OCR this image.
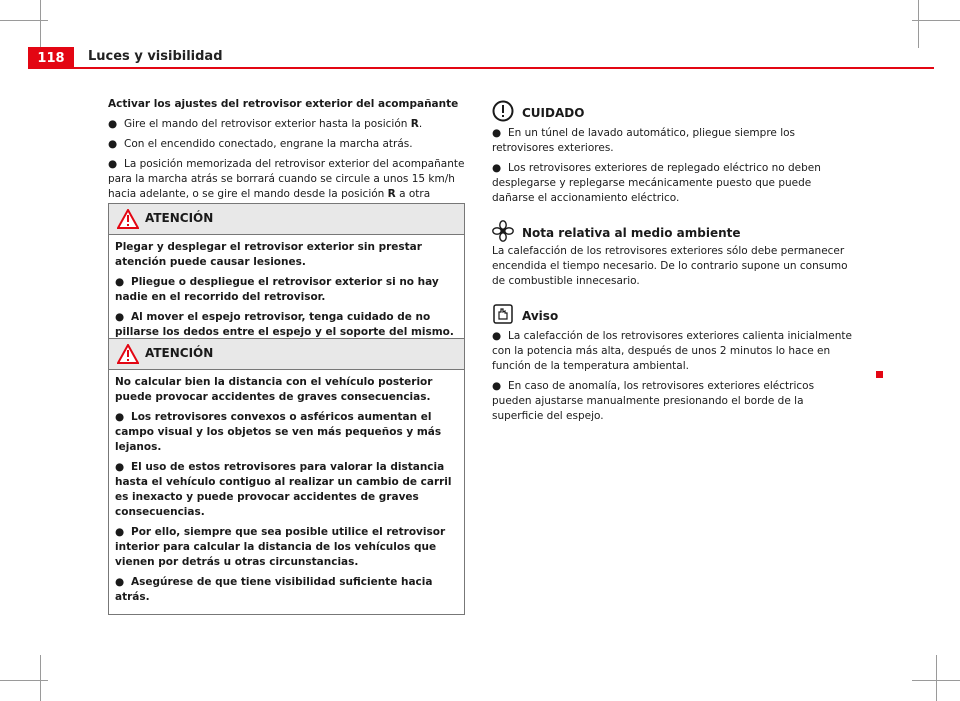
118	Luces y visibilidad

Activar los ajustes del retrovisor exterior del acompañante

● Gire el mando del retrovisor exterior hasta la posición R.

● Con el encendido conectado, engrane la marcha atrás.

● La posición memorizada del retrovisor exterior del acompañante para la marcha atrás se borrará cuando se circule a unos 15 km/h hacia adelante, o se gire el mando desde la posición R a otra

ATENCIÓN

Plegar y desplegar el retrovisor exterior sin prestar atención puede causar lesiones.

● Pliegue o despliegue el retrovisor exterior si no hay nadie en el recorrido del retrovisor.

● Al mover el espejo retrovisor, tenga cuidado de no pillarse los dedos entre el espejo y el soporte del mismo.

ATENCIÓN

No calcular bien la distancia con el vehículo posterior puede provocar accidentes de graves consecuencias.

● Los retrovisores convexos o asféricos aumentan el campo visual y los objetos se ven más pequeños y más lejanos.

● El uso de estos retrovisores para valorar la distancia hasta el vehículo contiguo al realizar un cambio de carril es inexacto y puede provocar accidentes de graves consecuencias.

● Por ello, siempre que sea posible utilice el retrovisor interior para calcular la distancia de los vehículos que vienen por detrás u otras circunstancias.

● Asegúrese de que tiene visibilidad suficiente hacia atrás.

CUIDADO

● En un túnel de lavado automático, pliegue siempre los retrovisores exteriores.

● Los retrovisores exteriores de replegado eléctrico no deben desplegarse y replegarse mecánicamente puesto que puede dañarse el accionamiento eléctrico.

Nota relativa al medio ambiente

La calefacción de los retrovisores exteriores sólo debe permanecer encendida el tiempo necesario. De lo contrario supone un consumo de combustible innecesario.

Aviso

● La calefacción de los retrovisores exteriores calienta inicialmente con la potencia más alta, después de unos 2 minutos lo hace en función de la temperatura ambiental.

● En caso de anomalía, los retrovisores exteriores eléctricos pueden ajustarse manualmente presionando el borde de la superficie del espejo.
